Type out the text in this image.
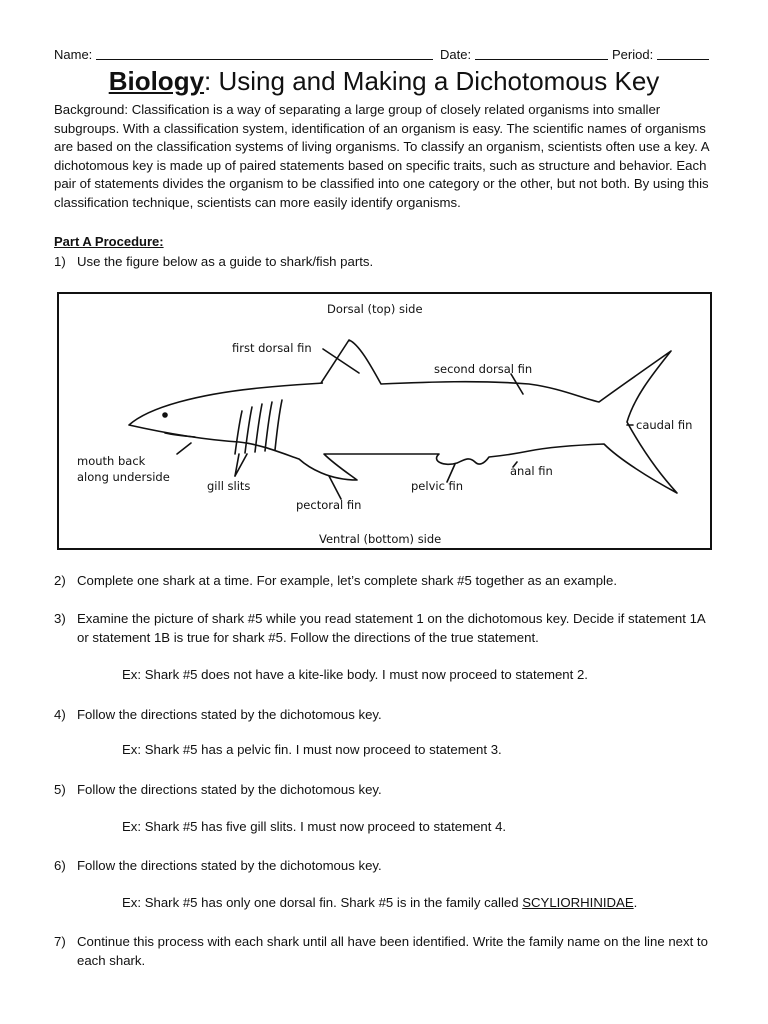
Name:	Date:	Period:
Biology: Using and Making a Dichotomous Key
Background: Classification is a way of separating a large group of closely related organisms into smaller subgroups. With a classification system, identification of an organism is easy. The scientific names of organisms are based on the classification systems of living organisms. To classify an organism, scientists often use a key. A dichotomous key is made up of paired statements based on specific traits, such as structure and behavior. Each pair of statements divides the organism to be classified into one category or the other, but not both. By using this classification technique, scientists can more easily identify organisms.
Part A Procedure:
1) Use the figure below as a guide to shark/fish parts.
Dorsal (top) side
first dorsal fin
second dorsal fin
caudal fin
mouth back
along underside
gill slits
pectoral fin
pelvic fin
anal fin
Ventral (bottom) side
2) Complete one shark at a time. For example, let’s complete shark #5 together as an example.
3) Examine the picture of shark #5 while you read statement 1 on the dichotomous key. Decide if statement 1A or statement 1B is true for shark #5. Follow the directions of the true statement.
Ex: Shark #5 does not have a kite-like body. I must now proceed to statement 2.
4) Follow the directions stated by the dichotomous key.
Ex: Shark #5 has a pelvic fin. I must now proceed to statement 3.
5) Follow the directions stated by the dichotomous key.
Ex: Shark #5 has five gill slits. I must now proceed to statement 4.
6) Follow the directions stated by the dichotomous key.
Ex: Shark #5 has only one dorsal fin. Shark #5 is in the family called SCYLIORHINIDAE.
7) Continue this process with each shark until all have been identified. Write the family name on the line next to each shark.
